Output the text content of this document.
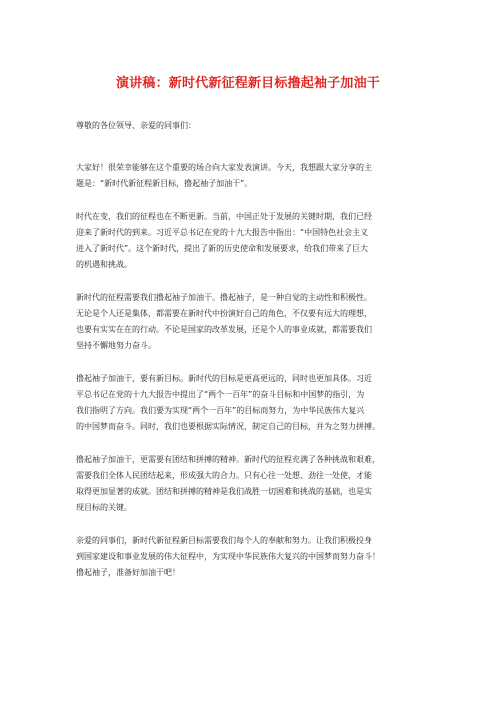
演讲稿：新时代新征程新目标撸起袖子加油干
尊敬的各位领导、亲爱的同事们：
大家好！很荣幸能够在这个重要的场合向大家发表演讲。今天，我想跟大家分享的主
题是：“新时代新征程新目标，撸起袖子加油干”。
时代在变，我们的征程也在不断更新。当前，中国正处于发展的关键时期，我们已经
迎来了新时代的到来。习近平总书记在党的十九大报告中指出：“中国特色社会主义
进入了新时代”。这个新时代，提出了新的历史使命和发展要求，给我们带来了巨大
的机遇和挑战。
新时代的征程需要我们撸起袖子加油干。撸起袖子，是一种自觉的主动性和积极性。
无论是个人还是集体，都需要在新时代中扮演好自己的角色，不仅要有远大的理想，
也要有实实在在的行动。不论是国家的改革发展，还是个人的事业成就，都需要我们
坚持不懈地努力奋斗。
撸起袖子加油干，要有新目标。新时代的目标是更高更远的，同时也更加具体。习近
平总书记在党的十九大报告中提出了“两个一百年”的奋斗目标和中国梦的指引，为
我们指明了方向。我们要为实现“两个一百年”的目标而努力，为中华民族伟大复兴
的中国梦而奋斗。同时，我们也要根据实际情况，制定自己的目标，并为之努力拼搏。
撸起袖子加油干，更需要有团结和拼搏的精神。新时代的征程充满了各种挑战和艰难，
需要我们全体人民团结起来，形成强大的合力。只有心往一处想、劲往一处使，才能
取得更加显著的成就。团结和拼搏的精神是我们战胜一切困难和挑战的基础，也是实
现目标的关键。
亲爱的同事们，新时代新征程新目标需要我们每个人的奉献和努力。让我们积极投身
到国家建设和事业发展的伟大征程中，为实现中华民族伟大复兴的中国梦而努力奋斗！
撸起袖子，准备好加油干吧！
